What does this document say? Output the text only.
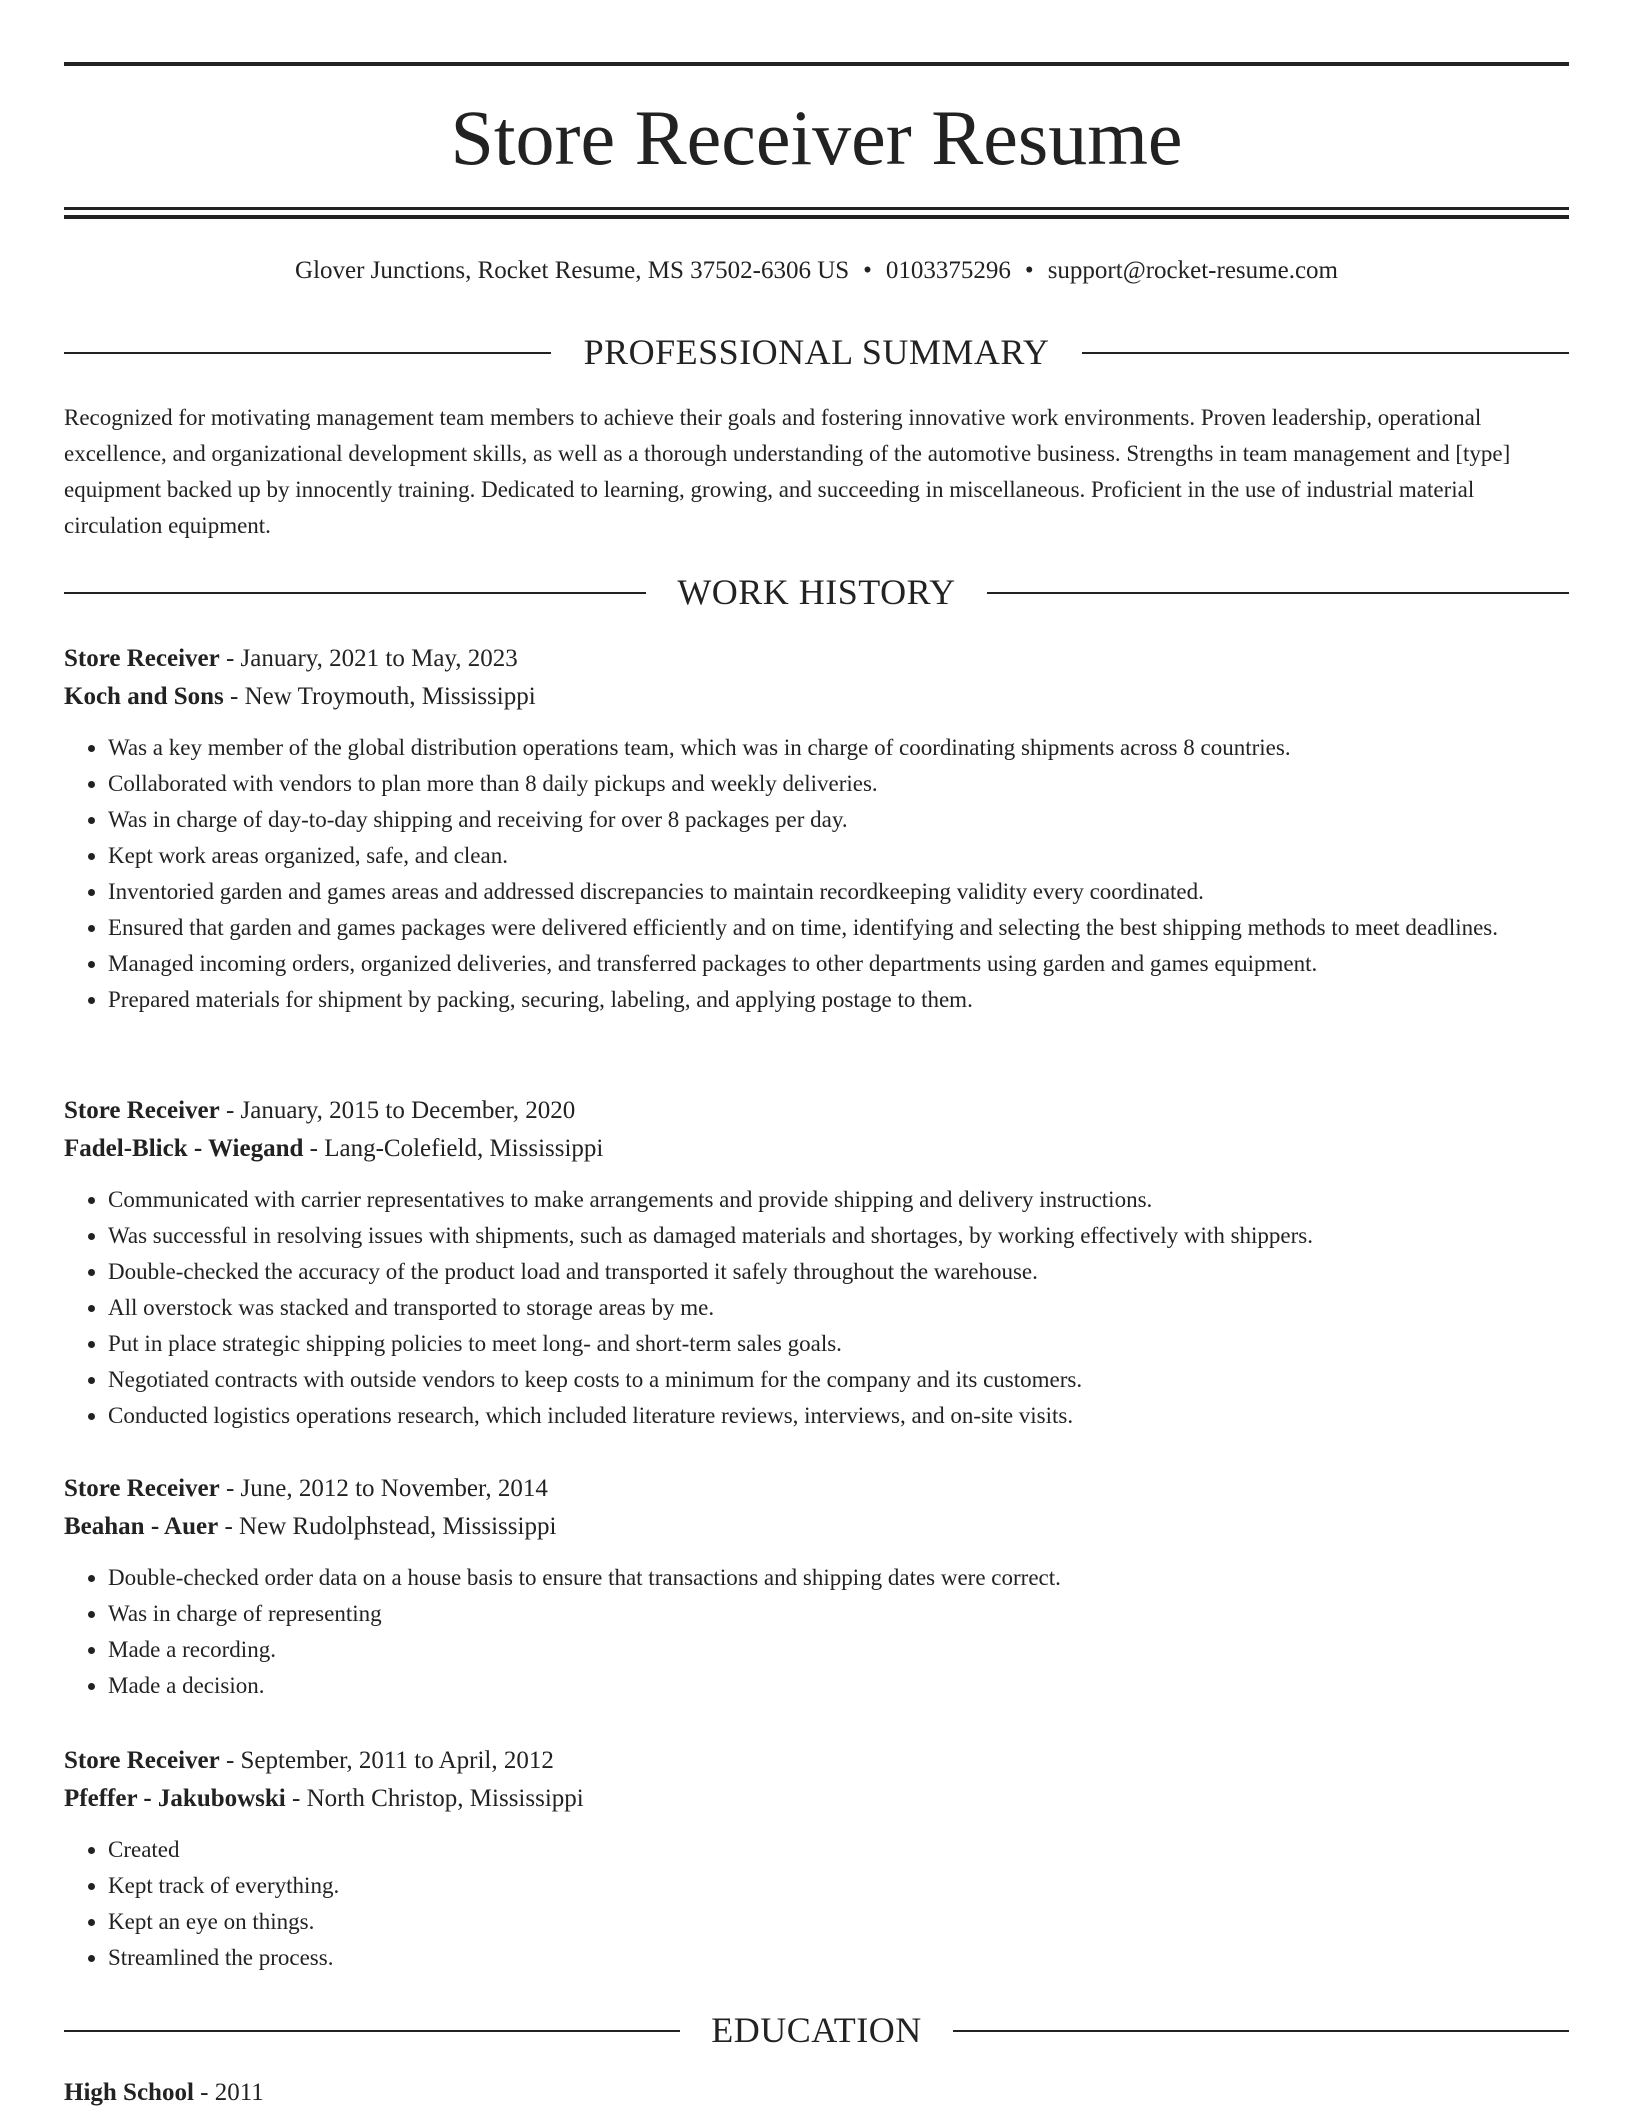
Store Receiver Resume
Glover Junctions, Rocket Resume, MS 37502-6306 US • 0103375296 • support@rocket-resume.com
PROFESSIONAL SUMMARY
Recognized for motivating management team members to achieve their goals and fostering innovative work environments. Proven leadership, operational excellence, and organizational development skills, as well as a thorough understanding of the automotive business. Strengths in team management and [type] equipment backed up by innocently training. Dedicated to learning, growing, and succeeding in miscellaneous. Proficient in the use of industrial material circulation equipment.
WORK HISTORY
Store Receiver - January, 2021 to May, 2023
Koch and Sons - New Troymouth, Mississippi
• Was a key member of the global distribution operations team, which was in charge of coordinating shipments across 8 countries.
• Collaborated with vendors to plan more than 8 daily pickups and weekly deliveries.
• Was in charge of day-to-day shipping and receiving for over 8 packages per day.
• Kept work areas organized, safe, and clean.
• Inventoried garden and games areas and addressed discrepancies to maintain recordkeeping validity every coordinated.
• Ensured that garden and games packages were delivered efficiently and on time, identifying and selecting the best shipping methods to meet deadlines.
• Managed incoming orders, organized deliveries, and transferred packages to other departments using garden and games equipment.
• Prepared materials for shipment by packing, securing, labeling, and applying postage to them.
Store Receiver - January, 2015 to December, 2020
Fadel-Blick - Wiegand - Lang-Colefield, Mississippi
• Communicated with carrier representatives to make arrangements and provide shipping and delivery instructions.
• Was successful in resolving issues with shipments, such as damaged materials and shortages, by working effectively with shippers.
• Double-checked the accuracy of the product load and transported it safely throughout the warehouse.
• All overstock was stacked and transported to storage areas by me.
• Put in place strategic shipping policies to meet long- and short-term sales goals.
• Negotiated contracts with outside vendors to keep costs to a minimum for the company and its customers.
• Conducted logistics operations research, which included literature reviews, interviews, and on-site visits.
Store Receiver - June, 2012 to November, 2014
Beahan - Auer - New Rudolphstead, Mississippi
• Double-checked order data on a house basis to ensure that transactions and shipping dates were correct.
• Was in charge of representing
• Made a recording.
• Made a decision.
Store Receiver - September, 2011 to April, 2012
Pfeffer - Jakubowski - North Christop, Mississippi
• Created
• Kept track of everything.
• Kept an eye on things.
• Streamlined the process.
EDUCATION
High School - 2011
